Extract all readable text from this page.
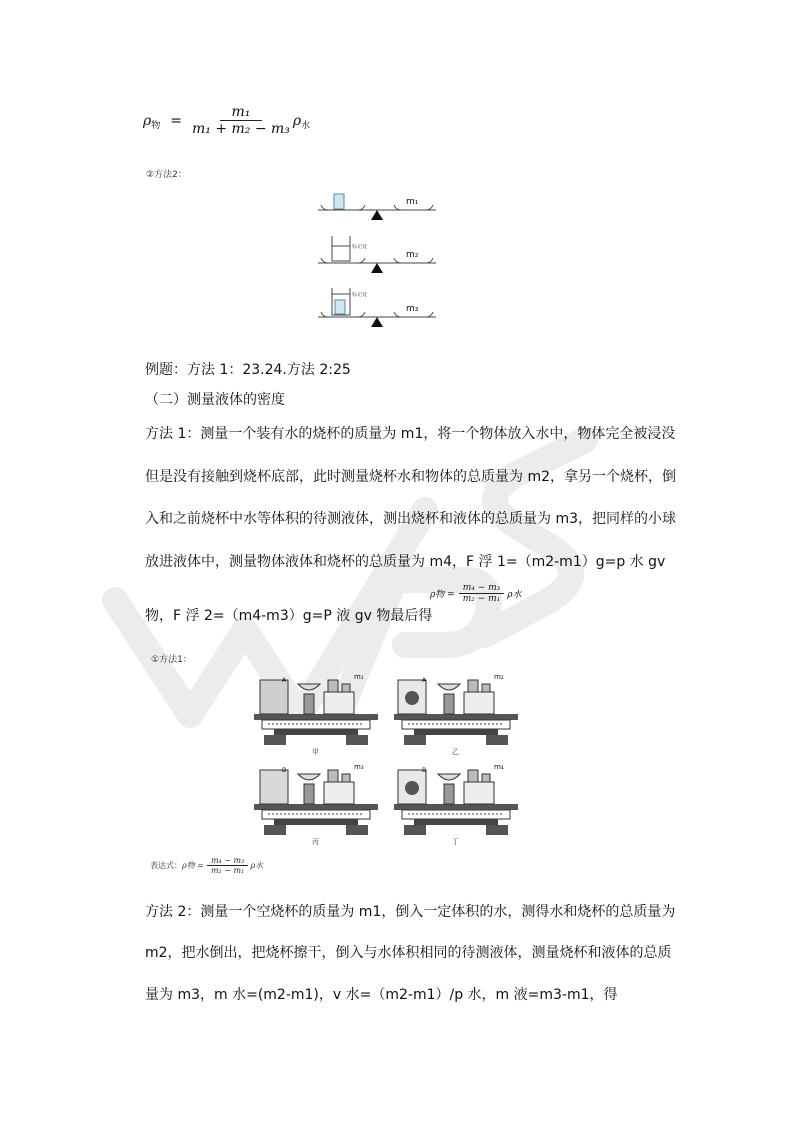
ρ 物 = $\frac{\text{m₁}}{\text{m₁ + m₂ − m₃}}$ ρ 水
②方法2：
m₁
m₂
m₃
标记处
标记处
例题：方法 1：23.24.方法 2:25
（二）测量液体的密度
方法 1：测量一个装有水的烧杯的质量为 m1，将一个物体放入水中，物体完全被浸没
但是没有接触到烧杯底部，此时测量烧杯水和物体的总质量为 m2，拿另一个烧杯，倒
入和之前烧杯中水等体积的待测液体，测出烧杯和液体的总质量为 m3，把同样的小球
放进液体中，测量物体液体和烧杯的总质量为 m4，F 浮 1=（m2-m1）g=p 水 gv
物，F 浮 2=（m4-m3）g=P 液 gv 物最后得
ρ物 = $\frac{\text{m₄ − m₃}}{\text{m₂ − m₁}}$ ρ水
①方法1：
A	A
B	B
m₁	m₂
m₃	m₄
甲	乙
丙	丁
表达式： ρ物 = $\frac{\text{m₄ − m₃}}{\text{m₂ − m₁}}$ ρ水
方法 2：测量一个空烧杯的质量为 m1，倒入一定体积的水，测得水和烧杯的总质量为
m2，把水倒出，把烧杯擦干，倒入与水体积相同的待测液体，测量烧杯和液体的总质
量为 m3，m 水=(m2-m1)，v 水=（m2-m1）/p 水，m 液=m3-m1，得
